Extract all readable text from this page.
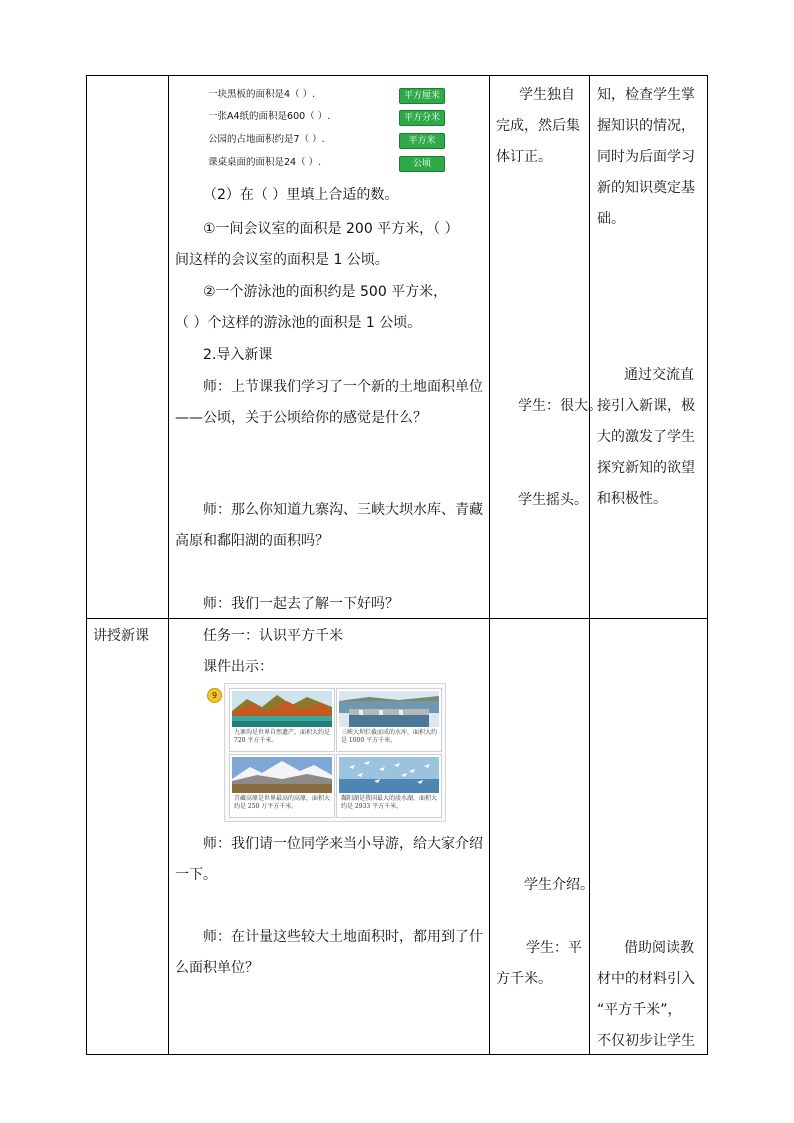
一块黑板的面积是4（ ）.
一张A4纸的面积是600（ ）.
公园的占地面积约是7（ ）.
课桌桌面的面积是24（ ）.
平方厘米
平方分米
平方米
公顷
（2）在（ ）里填上合适的数。
①一间会议室的面积是 200 平方米，（ ）
间这样的会议室的面积是 1 公顷。
②一个游泳池的面积约是 500 平方米，
（ ）个这样的游泳池的面积是 1 公顷。
2.导入新课
师：上节课我们学习了一个新的土地面积单位
——公顷，关于公顷给你的感觉是什么？
师：那么你知道九寨沟、三峡大坝水库、青藏
高原和鄱阳湖的面积吗？
师：我们一起去了解一下好吗？
学生独自
完成，然后集
体订正。
学生：很大。
学生摇头。
知，检查学生掌
握知识的情况，
同时为后面学习
新的知识奠定基
础。
通过交流直
接引入新课，极
大的激发了学生
探究新知的欲望
和积极性。
讲授新课	任务一：认识平方千米
课件出示：
9
九寨沟是世界自然遗产，面积大约是 720 平方千米。
三峡大坝拦截而成的水库，面积大约是 1000 平方千米。
青藏高原是世界最高的高原，面积大约是 250 万平方千米。
鄱阳湖是我国最大的淡水湖，面积大约是 2933 平方千米。
师：我们请一位同学来当小导游，给大家介绍
一下。
师：在计量这些较大土地面积时，都用到了什
么面积单位？
学生介绍。
学生：平
方千米。
借助阅读教
材中的材料引入
“平方千米”，
不仅初步让学生
